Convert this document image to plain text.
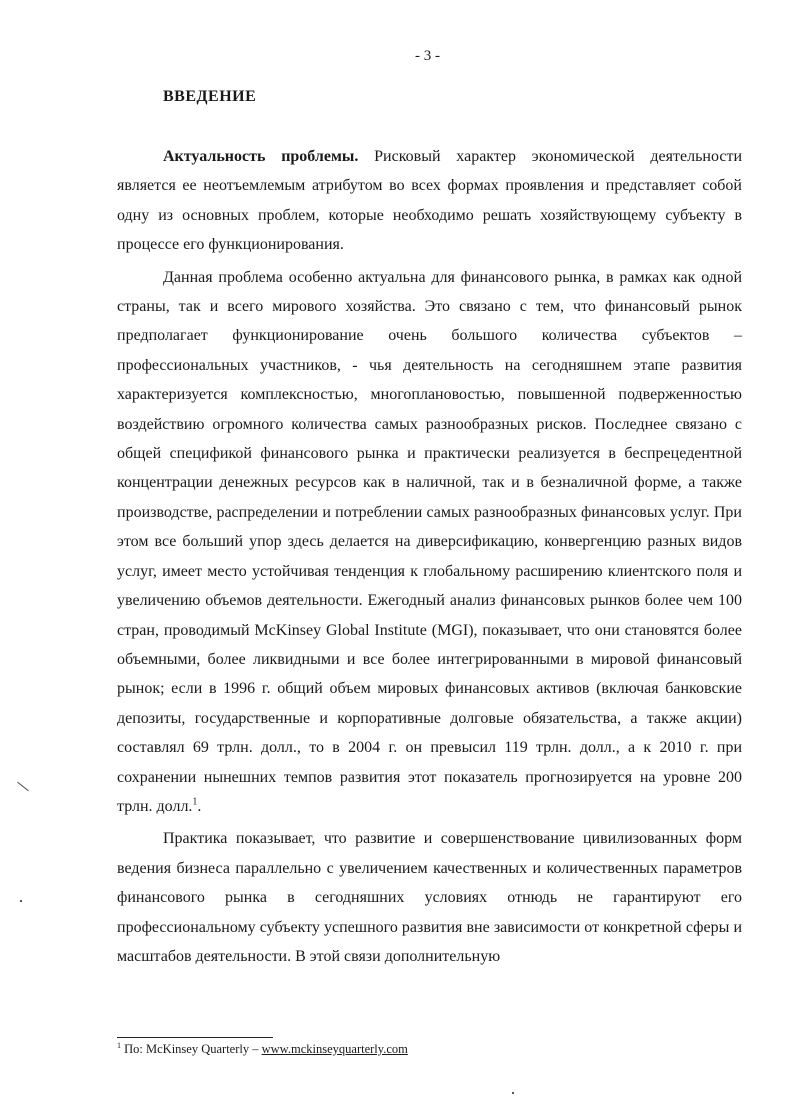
- 3 -
ВВЕДЕНИЕ

Актуальность проблемы. Рисковый характер экономической деятельности является ее неотъемлемым атрибутом во всех формах проявления и представляет собой одну из основных проблем, которые необходимо решать хозяйствующему субъекту в процессе его функционирования.

Данная проблема особенно актуальна для финансового рынка, в рамках как одной страны, так и всего мирового хозяйства. Это связано с тем, что финансовый рынок предполагает функционирование очень большого количества субъектов – профессиональных участников, - чья деятельность на сегодняшнем этапе развития характеризуется комплексностью, многоплановостью, повышенной подверженностью воздействию огромного количества самых разнообразных рисков. Последнее связано с общей спецификой финансового рынка и практически реализуется в беспрецедентной концентрации денежных ресурсов как в наличной, так и в безналичной форме, а также производстве, распределении и потреблении самых разнообразных финансовых услуг. При этом все больший упор здесь делается на диверсификацию, конвергенцию разных видов услуг, имеет место устойчивая тенденция к глобальному расширению клиентского поля и увеличению объемов деятельности. Ежегодный анализ финансовых рынков более чем 100 стран, проводимый McKinsey Global Institute (MGI), показывает, что они становятся более объемными, более ликвидными и все более интегрированными в мировой финансовый рынок; если в 1996 г. общий объем мировых финансовых активов (включая банковские депозиты, государственные и корпоративные долговые обязательства, а также акции) составлял 69 трлн. долл., то в 2004 г. он превысил 119 трлн. долл., а к 2010 г. при сохранении нынешних темпов развития этот показатель прогнозируется на уровне 200 трлн. долл.$^1$.

Практика показывает, что развитие и совершенствование цивилизованных форм ведения бизнеса параллельно с увеличением качественных и количественных параметров финансового рынка в сегодняшних условиях отнюдь не гарантируют его профессиональному субъекту успешного развития вне зависимости от конкретной сферы и масштабов деятельности. В этой связи дополнительную

$^1$ По: McKinsey Quarterly – www.mckinseyquarterly.com
